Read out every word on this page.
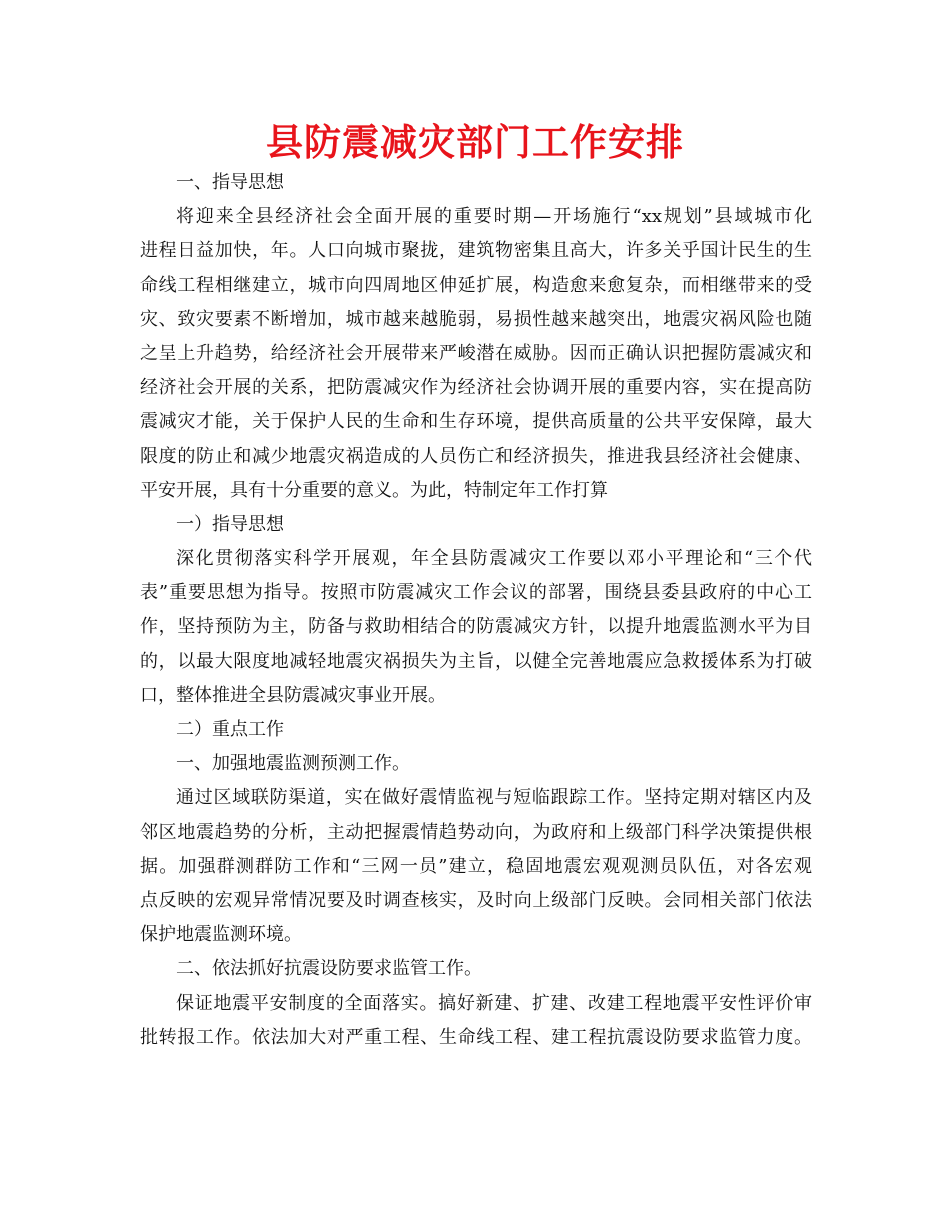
县防震减灾部门工作安排
一、指导思想
将迎来全县经济社会全面开展的重要时期—开场施行“xx规划”县域城市化
进程日益加快，年。人口向城市聚拢，建筑物密集且高大，许多关乎国计民生的生
命线工程相继建立，城市向四周地区伸延扩展，构造愈来愈复杂，而相继带来的受
灾、致灾要素不断增加，城市越来越脆弱，易损性越来越突出，地震灾祸风险也随
之呈上升趋势，给经济社会开展带来严峻潜在威胁。因而正确认识把握防震减灾和
经济社会开展的关系，把防震减灾作为经济社会协调开展的重要内容，实在提高防
震减灾才能，关于保护人民的生命和生存环境，提供高质量的公共平安保障，最大
限度的防止和减少地震灾祸造成的人员伤亡和经济损失，推进我县经济社会健康、
平安开展，具有十分重要的意义。为此，特制定年工作打算
一）指导思想
深化贯彻落实科学开展观，年全县防震减灾工作要以邓小平理论和“三个代
表”重要思想为指导。按照市防震减灾工作会议的部署，围绕县委县政府的中心工
作，坚持预防为主，防备与救助相结合的防震减灾方针，以提升地震监测水平为目
的，以最大限度地减轻地震灾祸损失为主旨，以健全完善地震应急救援体系为打破
口，整体推进全县防震减灾事业开展。
二）重点工作
一、加强地震监测预测工作。
通过区域联防渠道，实在做好震情监视与短临跟踪工作。坚持定期对辖区内及
邻区地震趋势的分析，主动把握震情趋势动向，为政府和上级部门科学决策提供根
据。加强群测群防工作和“三网一员”建立，稳固地震宏观观测员队伍，对各宏观
点反映的宏观异常情况要及时调查核实，及时向上级部门反映。会同相关部门依法
保护地震监测环境。
二、依法抓好抗震设防要求监管工作。
保证地震平安制度的全面落实。搞好新建、扩建、改建工程地震平安性评价审
批转报工作。依法加大对严重工程、生命线工程、建工程抗震设防要求监管力度。
